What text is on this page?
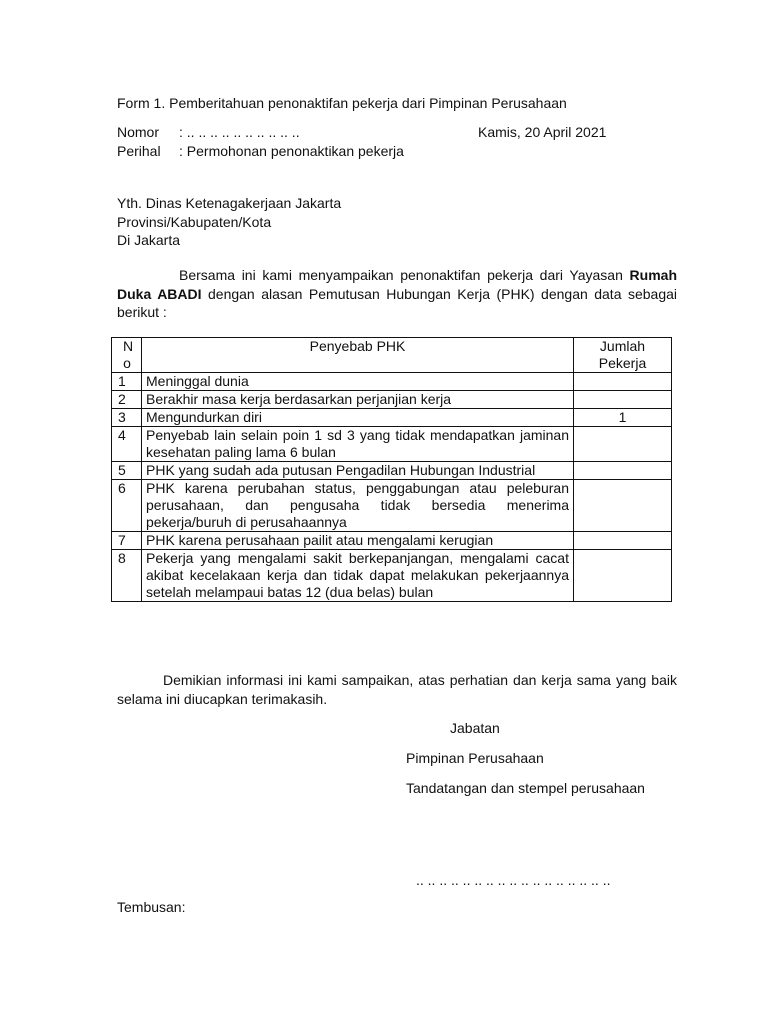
Form 1. Pemberitahuan penonaktifan pekerja dari Pimpinan Perusahaan
Nomor : .. .. .. .. .. .. .. .. .. ..	Kamis, 20 April 2021
Perihal : Permohonan penonaktikan pekerja
Yth. Dinas Ketenagakerjaan Jakarta
Provinsi/Kabupaten/Kota
Di Jakarta
Bersama ini kami menyampaikan penonaktifan pekerja dari Yayasan Rumah Duka ABADI dengan alasan Pemutusan Hubungan Kerja (PHK) dengan data sebagai berikut :
N o	Penyebab PHK	Jumlah Pekerja

1	Meninggal dunia	
2	Berakhir masa kerja berdasarkan perjanjian kerja	
3	Mengundurkan diri	1
4	Penyebab lain selain poin 1 sd 3 yang tidak mendapatkan jaminan kesehatan paling lama 6 bulan	
5	PHK yang sudah ada putusan Pengadilan Hubungan Industrial	
6	PHK karena perubahan status, penggabungan atau peleburan perusahaan, dan pengusaha tidak bersedia menerima pekerja/buruh di perusahaannya	
7	PHK karena perusahaan pailit atau mengalami kerugian	
8	Pekerja yang mengalami sakit berkepanjangan, mengalami cacat akibat kecelakaan kerja dan tidak dapat melakukan pekerjaannya setelah melampaui batas 12 (dua belas) bulan	
Demikian informasi ini kami sampaikan, atas perhatian dan kerja sama yang baik selama ini diucapkan terimakasih.
Jabatan
Pimpinan Perusahaan
Tandatangan dan stempel perusahaan
.. .. .. .. .. .. .. .. .. .. .. .. .. .. .. .. ..
Tembusan:
